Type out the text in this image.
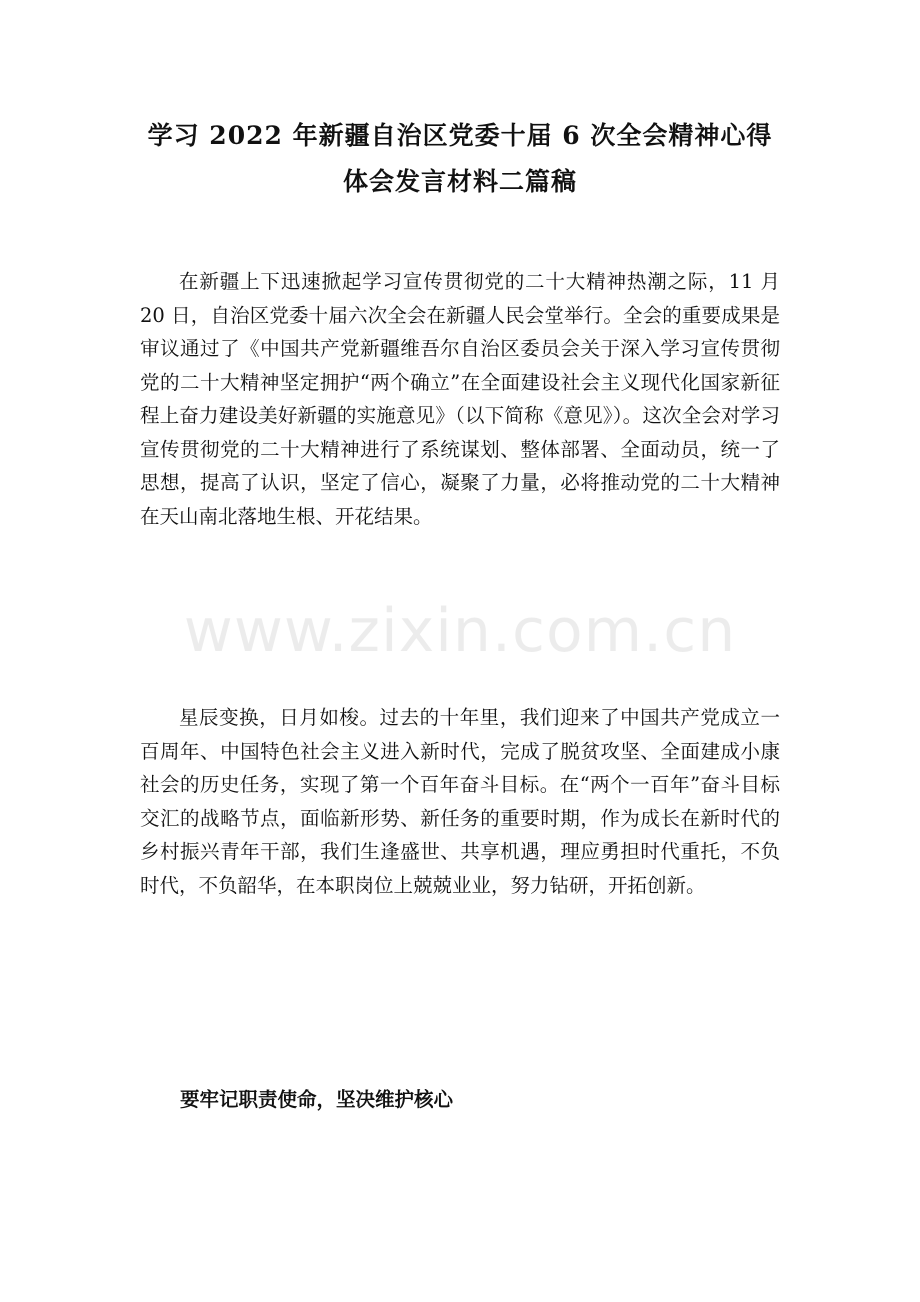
www.zixin.com.cn
学习 2022 年新疆自治区党委十届 6 次全会精神心得
体会发言材料二篇稿

在新疆上下迅速掀起学习宣传贯彻党的二十大精神热潮之际，11 月 20 日，自治区党委十届六次全会在新疆人民会堂举行。全会的重要成果是审议通过了《中国共产党新疆维吾尔自治区委员会关于深入学习宣传贯彻党的二十大精神坚定拥护“两个确立”在全面建设社会主义现代化国家新征程上奋力建设美好新疆的实施意见》（以下简称《意见》）。这次全会对学习宣传贯彻党的二十大精神进行了系统谋划、整体部署、全面动员，统一了思想，提高了认识，坚定了信心，凝聚了力量，必将推动党的二十大精神在天山南北落地生根、开花结果。

星辰变换，日月如梭。过去的十年里，我们迎来了中国共产党成立一百周年、中国特色社会主义进入新时代，完成了脱贫攻坚、全面建成小康社会的历史任务，实现了第一个百年奋斗目标。在“两个一百年”奋斗目标交汇的战略节点，面临新形势、新任务的重要时期，作为成长在新时代的乡村振兴青年干部，我们生逢盛世、共享机遇，理应勇担时代重托，不负时代，不负韶华，在本职岗位上兢兢业业，努力钻研，开拓创新。

要牢记职责使命，坚决维护核心
